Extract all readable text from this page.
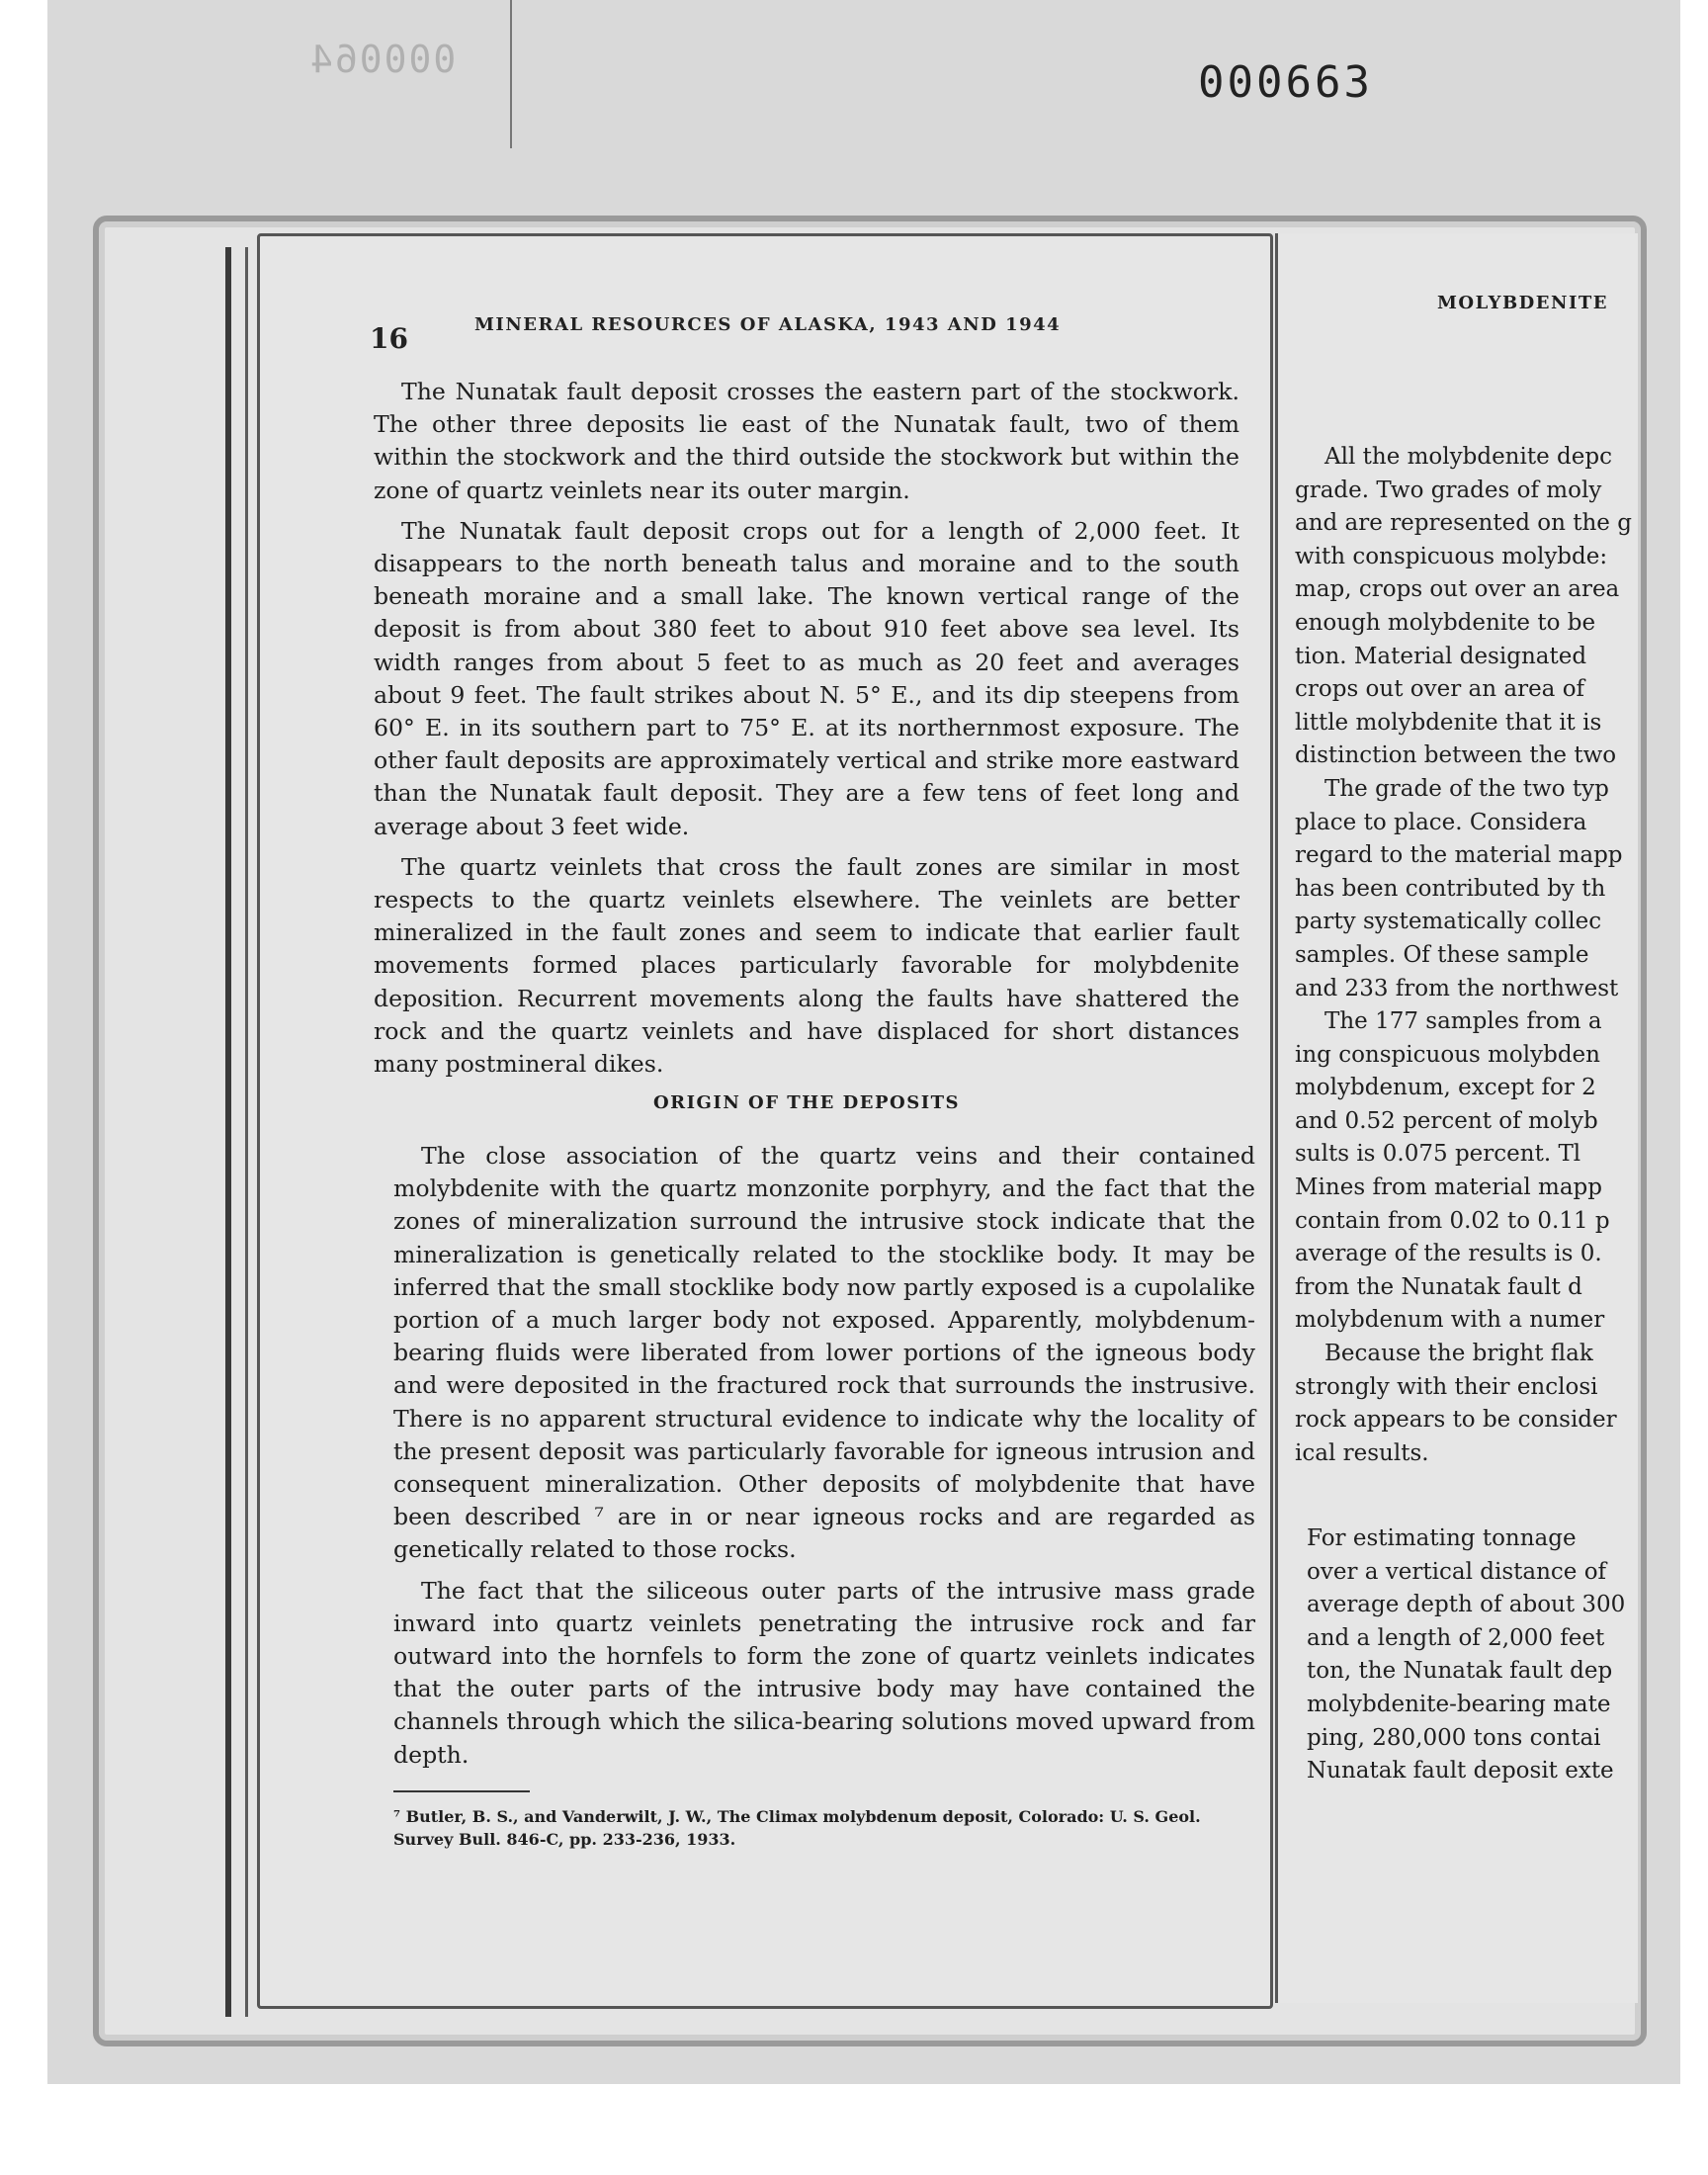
000064	000663
16	MINERAL RESOURCES OF ALASKA, 1943 AND 1944

The Nunatak fault deposit crosses the eastern part of the stockwork. The other three deposits lie east of the Nunatak fault, two of them within the stockwork and the third outside the stockwork but within the zone of quartz veinlets near its outer margin.

The Nunatak fault deposit crops out for a length of 2,000 feet. It disappears to the north beneath talus and moraine and to the south beneath moraine and a small lake. The known vertical range of the deposit is from about 380 feet to about 910 feet above sea level. Its width ranges from about 5 feet to as much as 20 feet and averages about 9 feet. The fault strikes about N. 5° E., and its dip steepens from 60° E. in its southern part to 75° E. at its northernmost exposure. The other fault deposits are approximately vertical and strike more eastward than the Nunatak fault deposit. They are a few tens of feet long and average about 3 feet wide.

The quartz veinlets that cross the fault zones are similar in most respects to the quartz veinlets elsewhere. The veinlets are better mineralized in the fault zones and seem to indicate that earlier fault movements formed places particularly favorable for molybdenite deposition. Recurrent movements along the faults have shattered the rock and the quartz veinlets and have displaced for short distances many postmineral dikes.

ORIGIN OF THE DEPOSITS

The close association of the quartz veins and their contained molybdenite with the quartz monzonite porphyry, and the fact that the zones of mineralization surround the intrusive stock indicate that the mineralization is genetically related to the stocklike body. It may be inferred that the small stocklike body now partly exposed is a cupolalike portion of a much larger body not exposed. Apparently, molybdenum-bearing fluids were liberated from lower portions of the igneous body and were deposited in the fractured rock that surrounds the instrusive. There is no apparent structural evidence to indicate why the locality of the present deposit was particularly favorable for igneous intrusion and consequent mineralization. Other deposits of molybdenite that have been described ⁷ are in or near igneous rocks and are regarded as genetically related to those rocks.

The fact that the siliceous outer parts of the intrusive mass grade inward into quartz veinlets penetrating the intrusive rock and far outward into the hornfels to form the zone of quartz veinlets indicates that the outer parts of the intrusive body may have contained the channels through which the silica-bearing solutions moved upward from depth.

⁷ Butler, B. S., and Vanderwilt, J. W., The Climax molybdenum deposit, Colorado: U. S. Geol. Survey Bull. 846-C, pp. 233-236, 1933.
MOLYBDENITE
All the molybdenite depc
grade. Two grades of moly
and are represented on the g
with conspicuous molybde:
map, crops out over an area
enough molybdenite to be
tion. Material designated
crops out over an area of
little molybdenite that it is
distinction between the two
The grade of the two typ
place to place. Considera
regard to the material mapp
has been contributed by th
party systematically collec
samples. Of these sample
and 233 from the northwest
The 177 samples from a
ing conspicuous molybden
molybdenum, except for 2
and 0.52 percent of molyb
sults is 0.075 percent. Tl
Mines from material mapp
contain from 0.02 to 0.11 p
average of the results is 0.
from the Nunatak fault d
molybdenum with a numer
Because the bright flak
strongly with their enclosi
rock appears to be consider
ical results.
For estimating tonnage
over a vertical distance of
average depth of about 300
and a length of 2,000 feet
ton, the Nunatak fault dep
molybdenite-bearing mate
ping, 280,000 tons contai
Nunatak fault deposit exte
